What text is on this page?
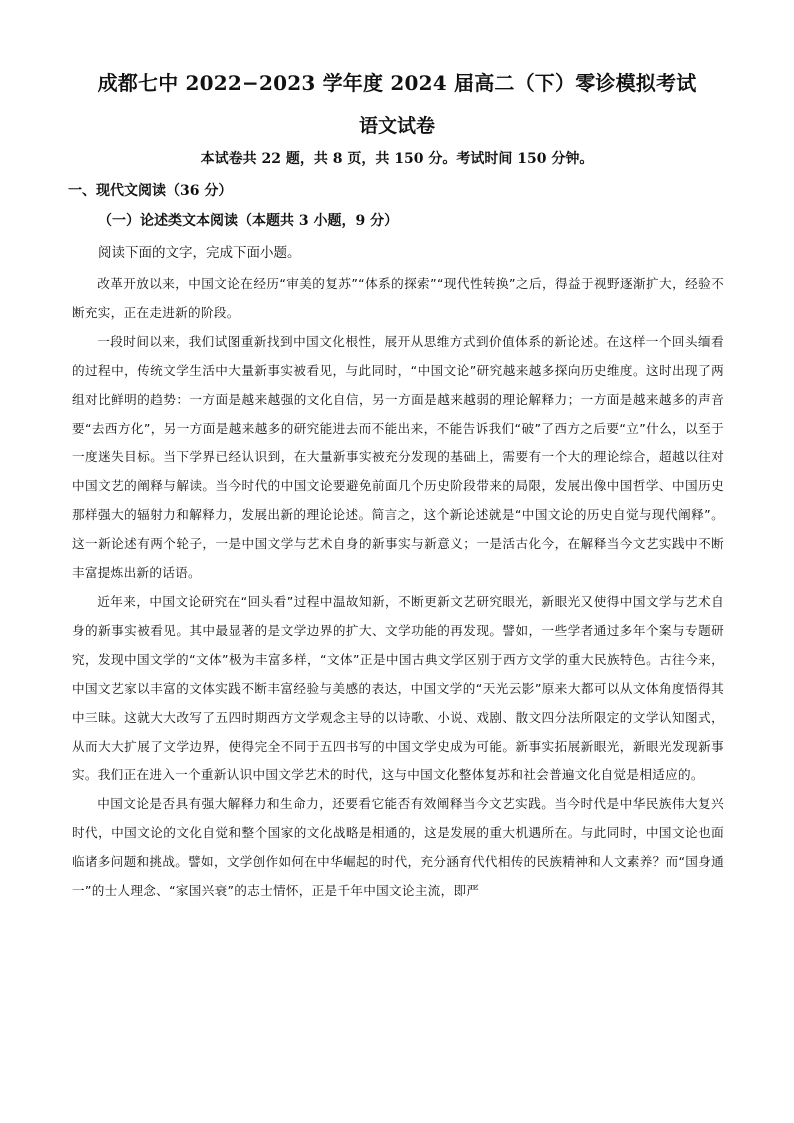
成都七中 2022−2023 学年度 2024 届高二（下）零诊模拟考试
语文试卷
本试卷共 22 题，共 8 页，共 150 分。考试时间 150 分钟。
一、现代文阅读（36 分）
（一）论述类文本阅读（本题共 3 小题，9 分）
阅读下面的文字，完成下面小题。

改革开放以来，中国文论在经历“审美的复苏”“体系的探索”“现代性转换”之后，得益于视野逐渐扩大，经验不断充实，正在走进新的阶段。

一段时间以来，我们试图重新找到中国文化根性，展开从思维方式到价值体系的新论述。在这样一个回头缅看的过程中，传统文学生活中大量新事实被看见，与此同时，“中国文论”研究越来越多探向历史维度。这时出现了两组对比鲜明的趋势：一方面是越来越强的文化自信，另一方面是越来越弱的理论解释力；一方面是越来越多的声音要“去西方化”，另一方面是越来越多的研究能进去而不能出来，不能告诉我们“破”了西方之后要“立”什么，以至于一度迷失目标。当下学界已经认识到，在大量新事实被充分发现的基础上，需要有一个大的理论综合，超越以往对中国文艺的阐释与解读。当今时代的中国文论要避免前面几个历史阶段带来的局限，发展出像中国哲学、中国历史那样强大的辐射力和解释力，发展出新的理论论述。简言之，这个新论述就是“中国文论的历史自觉与现代阐释”。这一新论述有两个轮子，一是中国文学与艺术自身的新事实与新意义；一是活古化今，在解释当今文艺实践中不断丰富提炼出新的话语。

近年来，中国文论研究在“回头看”过程中温故知新，不断更新文艺研究眼光，新眼光又使得中国文学与艺术自身的新事实被看见。其中最显著的是文学边界的扩大、文学功能的再发现。譬如，一些学者通过多年个案与专题研究，发现中国文学的“文体”极为丰富多样，“文体”正是中国古典文学区别于西方文学的重大民族特色。古往今来，中国文艺家以丰富的文体实践不断丰富经验与美感的表达，中国文学的“天光云影”原来大都可以从文体角度悟得其中三昧。这就大大改写了五四时期西方文学观念主导的以诗歌、小说、戏剧、散文四分法所限定的文学认知图式，从而大大扩展了文学边界，使得完全不同于五四书写的中国文学史成为可能。新事实拓展新眼光，新眼光发现新事实。我们正在进入一个重新认识中国文学艺术的时代，这与中国文化整体复苏和社会普遍文化自觉是相适应的。

中国文论是否具有强大解释力和生命力，还要看它能否有效阐释当今文艺实践。当今时代是中华民族伟大复兴时代，中国文论的文化自觉和整个国家的文化战略是相通的，这是发展的重大机遇所在。与此同时，中国文论也面临诸多问题和挑战。譬如，文学创作如何在中华崛起的时代，充分涵育代代相传的民族精神和人文素养？而“国身通一”的士人理念、“家国兴衰”的志士情怀，正是千年中国文论主流，即严
